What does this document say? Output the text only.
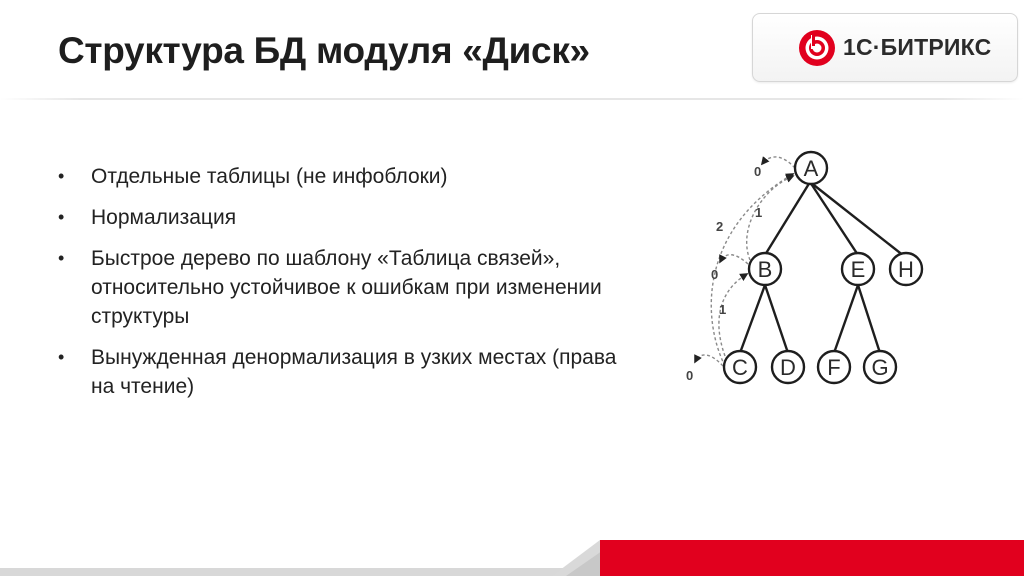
Структура БД модуля «Диск»	1С·БИТРИКС
• Отдельные таблицы (не инфоблоки)
• Нормализация
• Быстрое дерево по шаблону «Таблица связей», относительно устойчивое к ошибкам при изменении структуры
• Вынужденная денормализация в узких местах (права на чтение)
0
2
1
0
1
0
A
B	E H
C D F G
